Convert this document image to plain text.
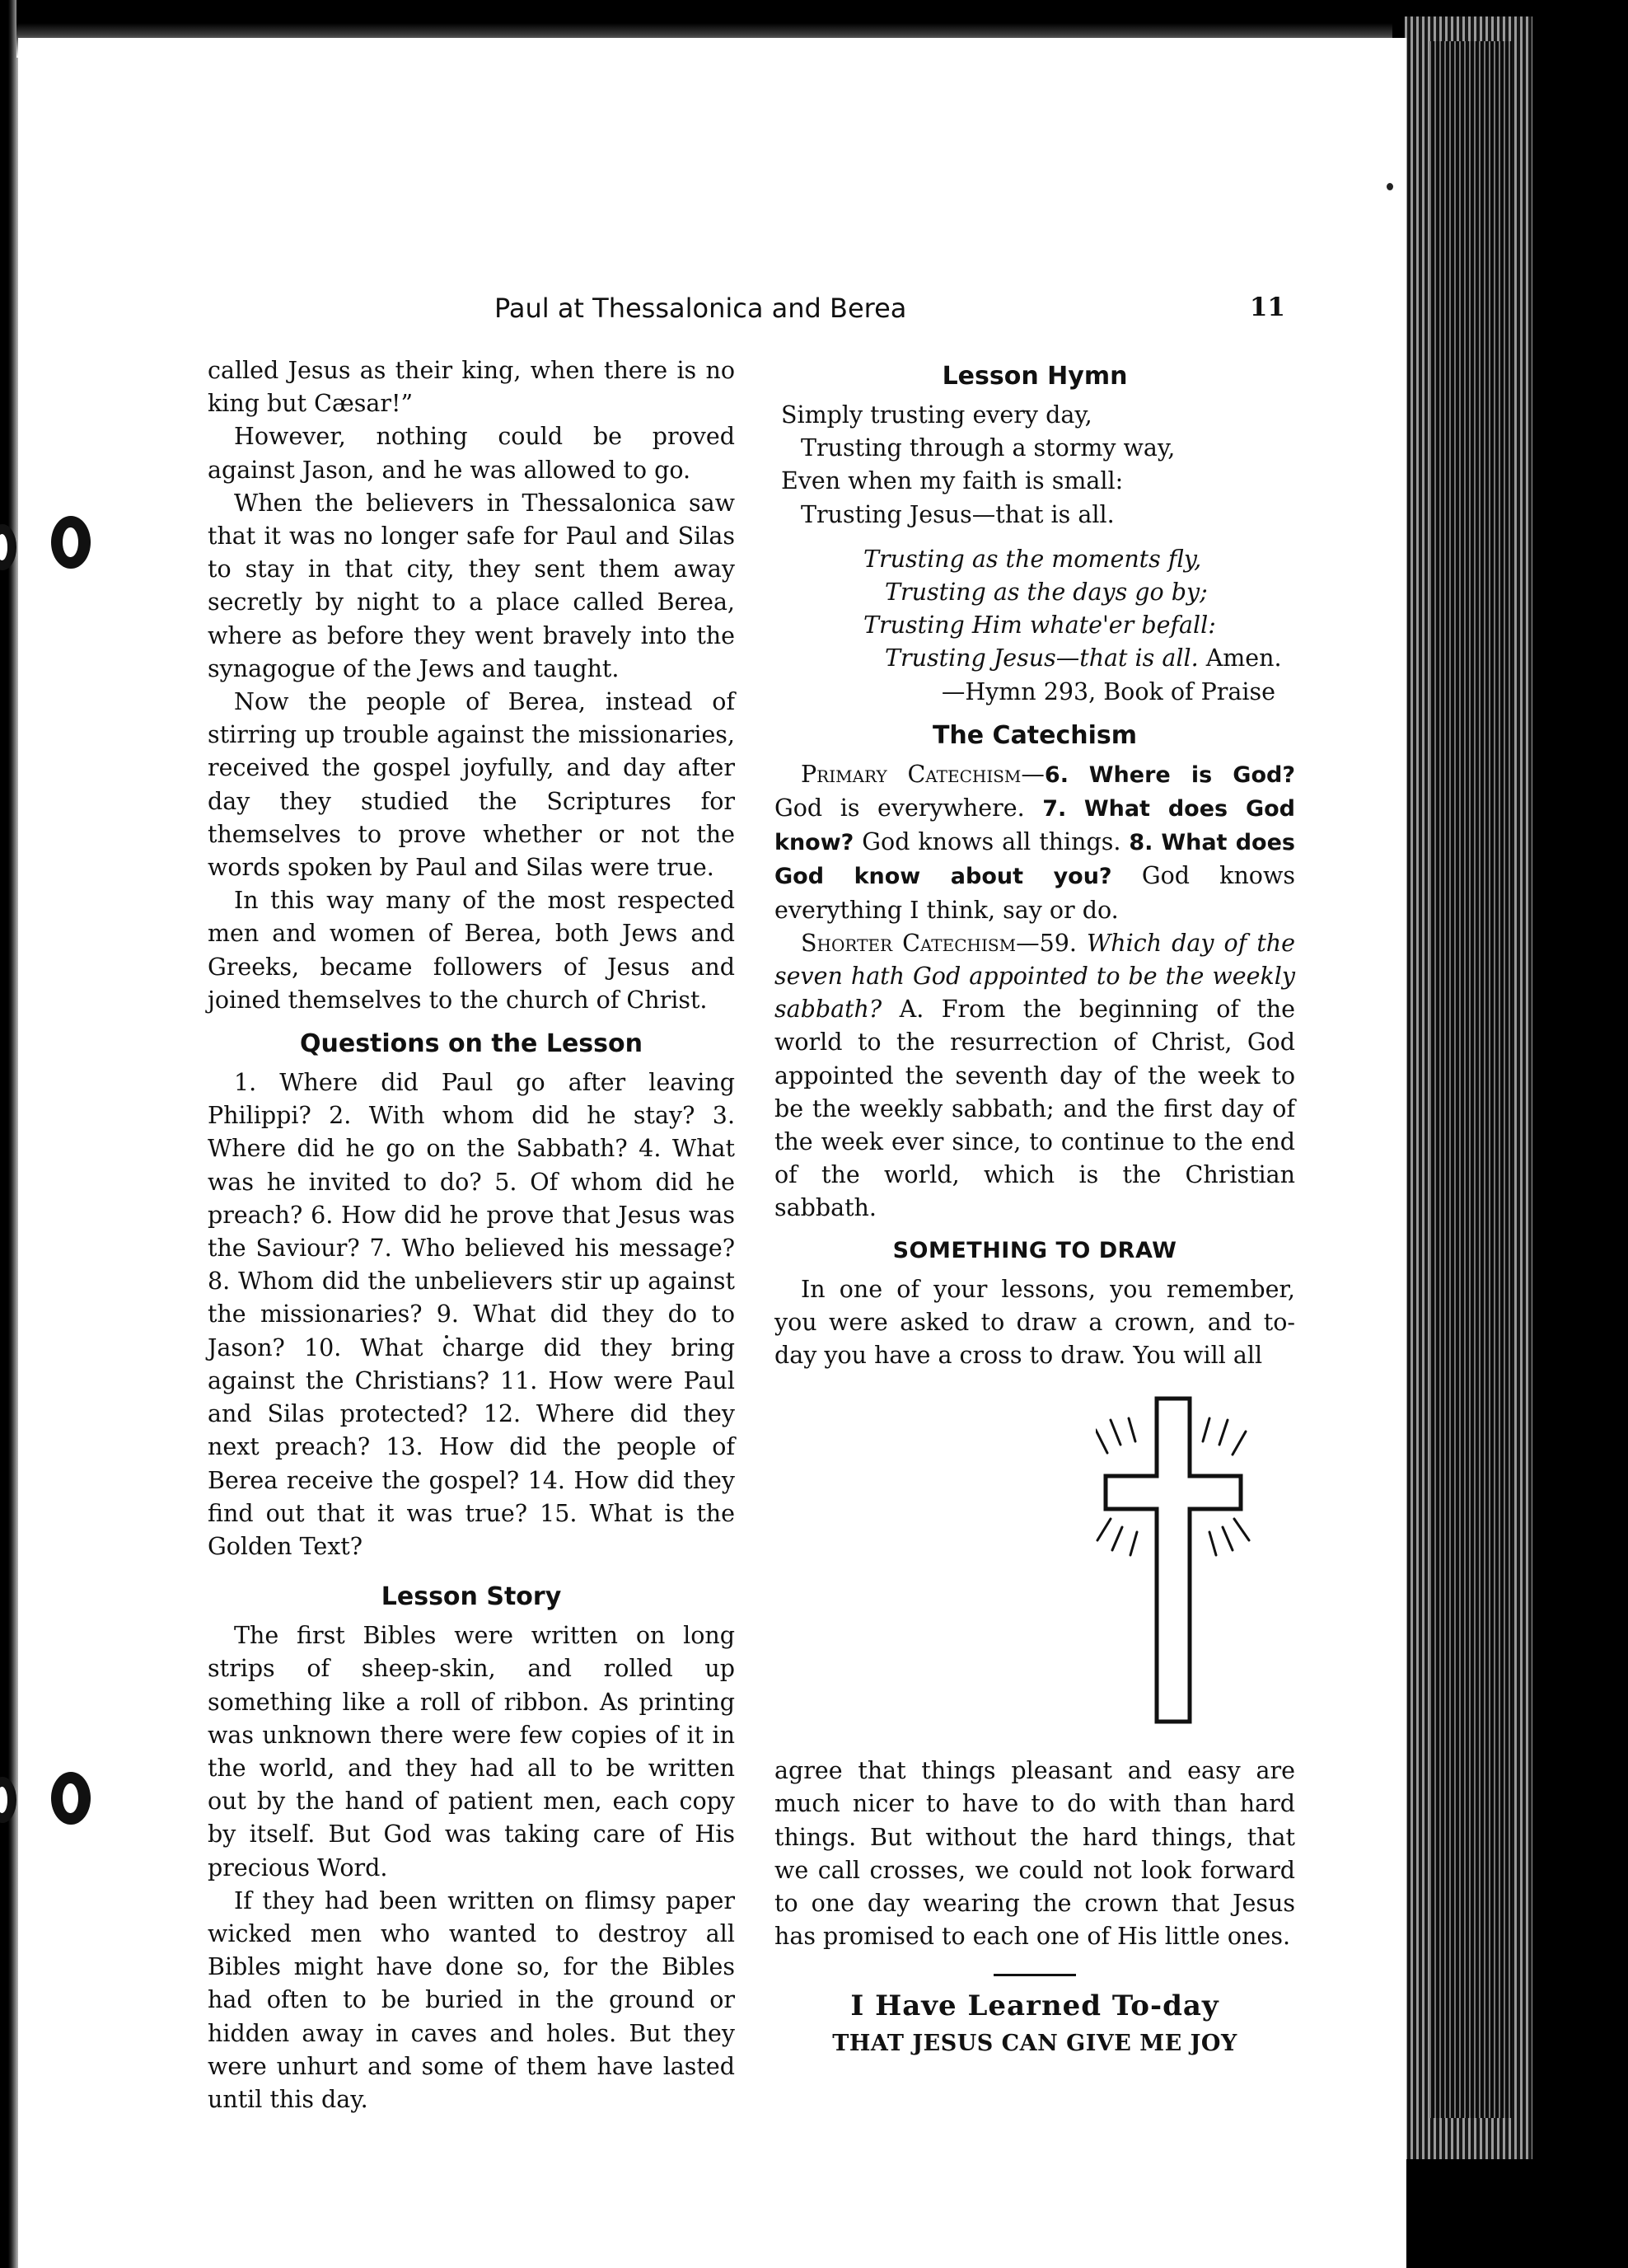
Paul at Thessalonica and Berea	11

called Jesus as their king, when there is no king but Cæsar!”

However, nothing could be proved against Jason, and he was allowed to go.

When the believers in Thessalonica saw that it was no longer safe for Paul and Silas to stay in that city, they sent them away secretly by night to a place called Berea, where as before they went bravely into the synagogue of the Jews and taught.

Now the people of Berea, instead of stirring up trouble against the missionaries, received the gospel joyfully, and day after day they studied the Scriptures for themselves to prove whether or not the words spoken by Paul and Silas were true.

In this way many of the most respected men and women of Berea, both Jews and Greeks, became followers of Jesus and joined themselves to the church of Christ.

Questions on the Lesson

1. Where did Paul go after leaving Philippi? 2. With whom did he stay? 3. Where did he go on the Sabbath? 4. What was he invited to do? 5. Of whom did he preach? 6. How did he prove that Jesus was the Saviour? 7. Who believed his message? 8. Whom did the unbelievers stir up against the missionaries? 9. What did they do to Jason? 10. What charge did they bring against the Christians? 11. How were Paul and Silas protected? 12. Where did they next preach? 13. How did the people of Berea receive the gospel? 14. How did they find out that it was true? 15. What is the Golden Text?

Lesson Story

The first Bibles were written on long strips of sheep-skin, and rolled up something like a roll of ribbon. As printing was unknown there were few copies of it in the world, and they had all to be written out by the hand of patient men, each copy by itself. But God was taking care of His precious Word.

If they had been written on flimsy paper wicked men who wanted to destroy all Bibles might have done so, for the Bibles had often to be buried in the ground or hidden away in caves and holes. But they were unhurt and some of them have lasted until this day.

Lesson Hymn

Simply trusting every day,

Trusting through a stormy way,

Even when my faith is small:

Trusting Jesus—that is all.

Trusting as the moments fly,

Trusting as the days go by;

Trusting Him whate'er befall:

Trusting Jesus—that is all. Amen.

—Hymn 293, Book of Praise

The Catechism

Primary Catechism—6. Where is God? God is everywhere. 7. What does God know? God knows all things. 8. What does God know about you? God knows everything I think, say or do.

Shorter Catechism—59. Which day of the seven hath God appointed to be the weekly sabbath? A. From the beginning of the world to the resurrection of Christ, God appointed the seventh day of the week to be the weekly sabbath; and the first day of the week ever since, to continue to the end of the world, which is the Christian sabbath.

SOMETHING TO DRAW

In one of your lessons, you remember, you were asked to draw a crown, and to-day you have a cross to draw. You will all

agree that things pleasant and easy are much nicer to have to do with than hard things. But without the hard things, that we call crosses, we could not look forward to one day wearing the crown that Jesus has promised to each one of His little ones.

I Have Learned To-day

THAT JESUS CAN GIVE ME JOY
